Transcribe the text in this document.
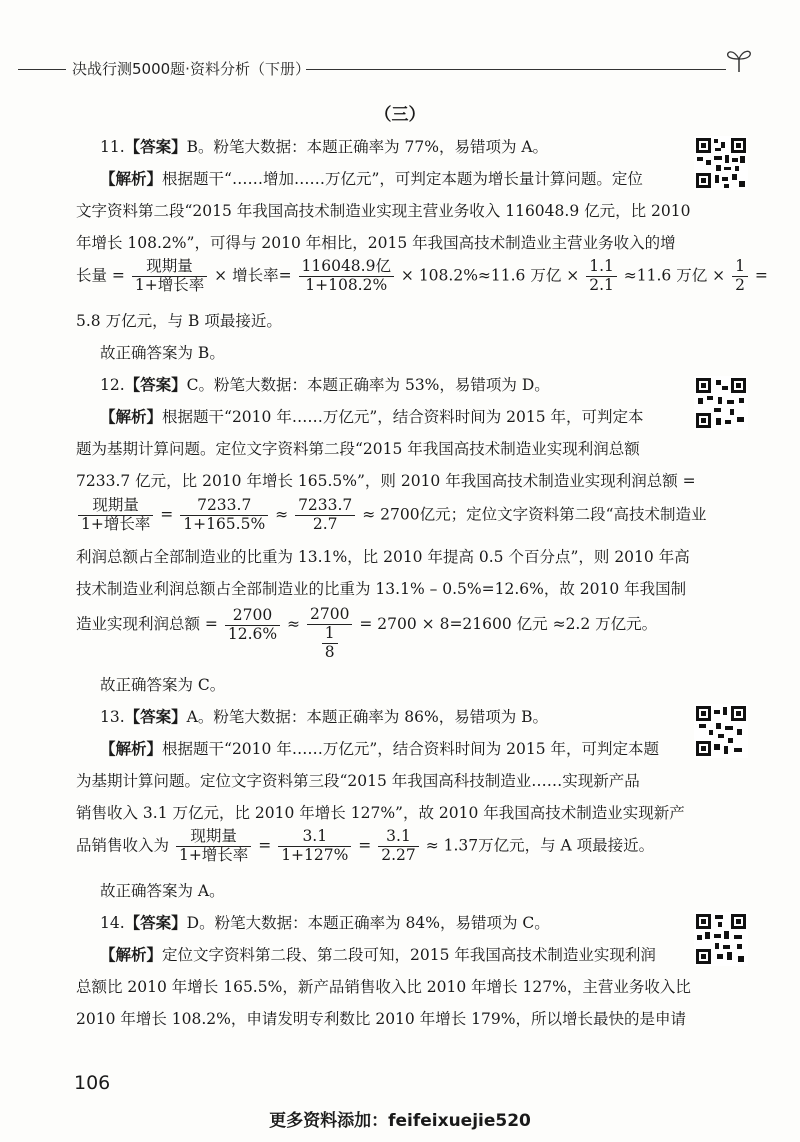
决战行测5000题·资料分析（下册）
（三）
11.【答案】B。粉笔大数据：本题正确率为 77%，易错项为 A。
【解析】根据题干“……增加……万亿元”，可判定本题为增长量计算问题。定位
文字资料第二段“2015 年我国高技术制造业实现主营业务收入 116048.9 亿元，比 2010
年增长 108.2%”，可得与 2010 年相比，2015 年我国高技术制造业主营业务收入的增
长量 = $\frac{\text{现期量}}{\text{1+增长率}}$ × 增长率= $\frac{\text{116048.9亿}}{1+108.2\%} \times 108.2\%\approx 11.6$ 万亿 × $\frac{1.1}{2.1} \approx 11.6$ 万亿 × $\frac{1}{2}$ =
5.8 万亿元，与 B 项最接近。
故正确答案为 B。
12.【答案】C。粉笔大数据：本题正确率为 53%，易错项为 D。
【解析】根据题干“2010 年……万亿元”，结合资料时间为 2015 年，可判定本
题为基期计算问题。定位文字资料第二段“2015 年我国高技术制造业实现利润总额
7233.7 亿元，比 2010 年增长 165.5%”，则 2010 年我国高技术制造业实现利润总额 =
$\frac{\text{现期量}}{\text{1+增长率}} = \frac{7233.7}{1+165.5\%} \approx \frac{7233.7}{2.7} \approx 2700$亿元；定位文字资料第二段“高技术制造业
利润总额占全部制造业的比重为 13.1%，比 2010 年提高 0.5 个百分点”，则 2010 年高
技术制造业利润总额占全部制造业的比重为 13.1% – 0.5%=12.6%，故 2010 年我国制
造业实现利润总额 = $\frac{2700}{12.6\%} \approx \frac{2700}{\frac{1}{8}} = 2700 \times 8=21600$ 亿元 ≈2.2 万亿元。
故正确答案为 C。
13.【答案】A。粉笔大数据：本题正确率为 86%，易错项为 B。
【解析】根据题干“2010 年……万亿元”，结合资料时间为 2015 年，可判定本题
为基期计算问题。定位文字资料第三段“2015 年我国高科技制造业……实现新产品
销售收入 3.1 万亿元，比 2010 年增长 127%”，故 2010 年我国高技术制造业实现新产
品销售收入为 $\frac{\text{现期量}}{\text{1+增长率}} = \frac{3.1}{1+127\%} = \frac{3.1}{2.27} \approx 1.37$万亿元，与 A 项最接近。
故正确答案为 A。
14.【答案】D。粉笔大数据：本题正确率为 84%，易错项为 C。
【解析】定位文字资料第二段、第二段可知，2015 年我国高技术制造业实现利润
总额比 2010 年增长 165.5%，新产品销售收入比 2010 年增长 127%，主营业务收入比
2010 年增长 108.2%，申请发明专利数比 2010 年增长 179%，所以增长最快的是申请
106
更多资料添加：feifeixuejie520
